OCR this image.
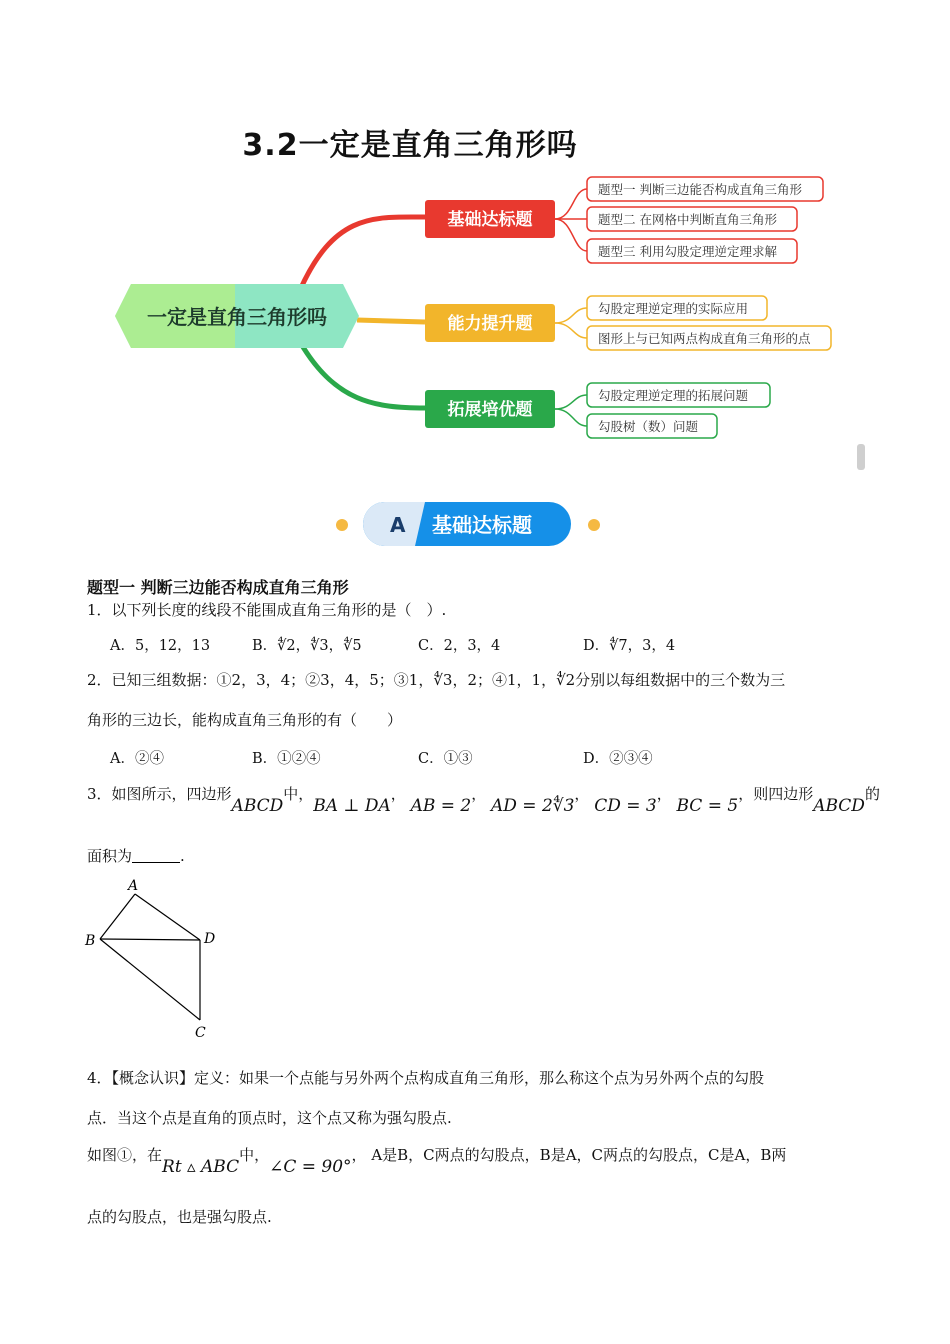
3.2一定是直角三角形吗
一定是直角三角形吗
基础达标题
能力提升题
拓展培优题
题型一 判断三边能否构成直角三角形
题型二 在网格中判断直角三角形
题型三 利用勾股定理逆定理求解
勾股定理逆定理的实际应用
图形上与已知两点构成直角三角形的点
勾股定理逆定理的拓展问题
勾股树（数）问题
A 基础达标题
题型一 判断三边能否构成直角三角形
1．以下列长度的线段不能围成直角三角形的是（　）.
A．5，12，13	B．∜2，∜3，∜5	C．2，3，4	D．∜7，3，4
2．已知三组数据：①2，3，4；②3，4，5；③1，∜3，2；④1，1，∜2分别以每组数据中的三个数为三
角形的三边长，能构成直角三角形的有（　　）
A．②④	B．①②④	C．①③	D．②③④
3．如图所示，四边形ABCD中，BA ⊥ DA， AB = 2， AD = 2∜3， CD = 3， BC = 5，则四边形ABCD的
面积为	.
A
B	D
C
4．【概念认识】定义：如果一个点能与另外两个点构成直角三角形，那么称这个点为另外两个点的勾股
点．当这个点是直角的顶点时，这个点又称为强勾股点.
如图①，在Rt ▵ ABC中，∠C = 90°， A是B，C两点的勾股点，B是A，C两点的勾股点，C是A，B两
点的勾股点，也是强勾股点.
